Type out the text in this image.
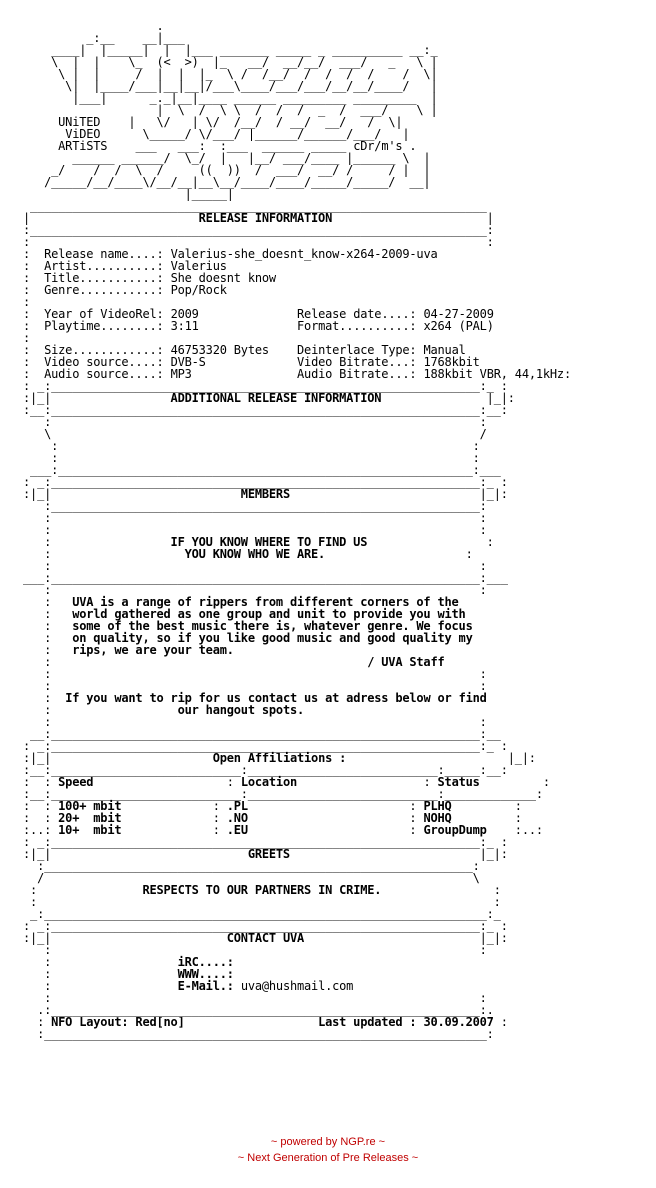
.
_:__    __|___
____|  |_____|  |  |___ _______ _____ _ __________ __:_
\  |  |    \_  (<  >)  |_   __/  __/__/  ___/   _   \ |
\ |  |     /  |  |  |_  \ /  /__/  /  /  /  /    /  \|
\|  |____/___|__|__|/___\____/___/___/__/__/____/   |
|___|      _._|__|____ ______ _________ _________  |
|  \  /  \ \  /  /  /  _  /  ___/    \ |
UNiTED    |   \/   | \/  /__/  / __/  __/   /  \|
ViDEO	\_____/ \/___/ |______/______/___/   |
ARTiSTS    ___   ___:  :___  ______ _____ cDr/m's .
______ ______/  \_/  |   |__/ ___/____ |______ \  |
_/    /  /  \  /     ((  ))  /  ___/  __/ /     / |  |
/_____/__/____\/__/__|__\__/____/____/_____/_____/  __|
|_____|
_________________________________________________________________
|	RELEASE INFORMATION	|
:_________________________________________________________________:
:                                                                 :
:  Release name....: Valerius-she_doesnt_know-x264-2009-uva
:  Artist..........: Valerius
:  Title...........: She doesnt know
:  Genre...........: Pop/Rock
:
:  Year of VideoRel: 2009	Release date....: 04-27-2009
:  Playtime........: 3:11	Format..........: x264 (PAL)
:
:  Size............: 46753320 Bytes Deinterlace Type: Manual
:  Video source....: DVB-S	Video Bitrate...: 1768kbit
:  Audio source....: MP3	Audio Bitrate...: 188kbit VBR, 44,1kHz:
: _:_____________________________________________________________:_ :
:|_|	ADDITIONAL RELEASE INFORMATION	|_|:
:__:_____________________________________________________________:__:
:                                                             :
\                                                             /
:                                                           :
:                                                           :
___:___________________________________________________________:___
: _:_____________________________________________________________:_ :
:|_|	MEMBERS	|_|:
:_____________________________________________________________:
:                                                             :
:                                                             :
:	IF YOU KNOW WHERE TO FIND US	:
:	YOU KNOW WHO WE ARE.	:
:                                                             :
___:_____________________________________________________________:___
:                                                             :
:   UVA is a range of rippers from different corners of the
:   world gathered as one group and unit to provide you with
:   some of the best music there is, whatever genre. We focus
:   on quality, so if you like good music and good quality my
:   rips, we are your team.
:	/ UVA Staff
:                                                             :
:                                                             :
:  If you want to rip for us contact us at adress below or find
:	our hangout spots.
:                                                             :
__:_____________________________________________________________:__
: _:_____________________________________________________________:_ :
:|_|	Open Affiliations :	|_|:
:__:___________________________:___________________________:_____:__:
:  : Speed                   : Location                  : Status	:
:__:___________________________:___________________________:_____________:
:  : 100+ mbit             : .PL                       : PLHQ	:
:  : 20+  mbit             : .NO                       : NOHQ	:
:..: 10+  mbit             : .EU                       : GroupDump    :..:
: _:_____________________________________________________________:_ :
:|_|	GREETS	|_|:
:_____________________________________________________________:
/                                                             \
:	RESPECTS TO OUR PARTNERS IN CRIME.	:
:                                                                 :
_:_______________________________________________________________:_
: _:_____________________________________________________________:_ :
:|_|	CONTACT UVA	|_|:
:                                                             :
:	iRC....:
:	WWW....:
:	E-Mail.: uva@hushmail.com
:                                                             :
.:_____________________________________________________________:.
: NFO Layout: Red[no]	Last updated : 30.09.2007 :
:_______________________________________________________________:
~ powered by NGP.re ~
~ Next Generation of Pre Releases ~
